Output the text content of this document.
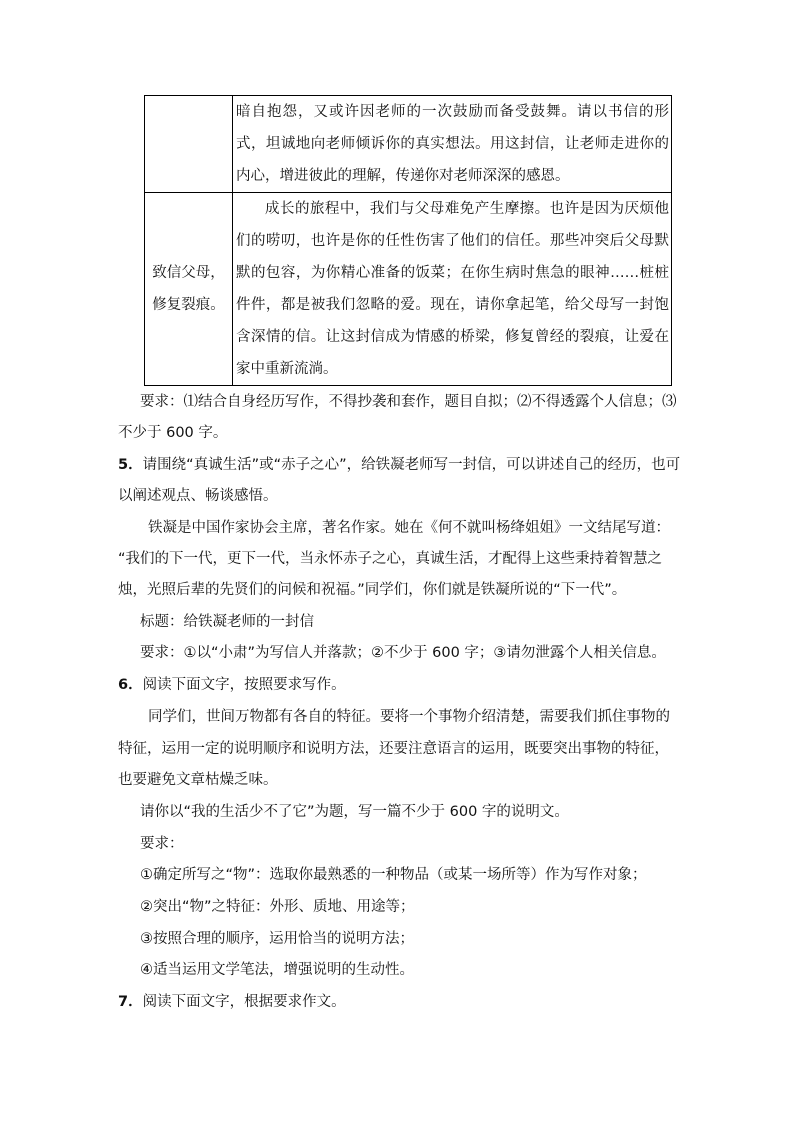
	暗自抱怨，又或许因老师的一次鼓励而备受鼓舞。请以书信的形式，坦诚地向老师倾诉你的真实想法。用这封信，让老师走进你的内心，增进彼此的理解，传递你对老师深深的感恩。

致信父母，
修复裂痕。	成长的旅程中，我们与父母难免产生摩擦。也许是因为厌烦他们的唠叨，也许是你的任性伤害了他们的信任。那些冲突后父母默默的包容，为你精心准备的饭菜；在你生病时焦急的眼神……桩桩件件，都是被我们忽略的爱。现在，请你拿起笔，给父母写一封饱含深情的信。让这封信成为情感的桥梁，修复曾经的裂痕，让爱在家中重新流淌。
要求：⑴结合自身经历写作，不得抄袭和套作，题目自拟；⑵不得透露个人信息；⑶
不少于 600 字。
5．请围绕“真诚生活”或“赤子之心”，给铁凝老师写一封信，可以讲述自己的经历，也可
以阐述观点、畅谈感悟。
铁凝是中国作家协会主席，著名作家。她在《何不就叫杨绛姐姐》一文结尾写道：
“我们的下一代，更下一代，当永怀赤子之心，真诚生活，才配得上这些秉持着智慧之
烛，光照后辈的先贤们的问候和祝福。”同学们，你们就是铁凝所说的“下一代”。
标题：给铁凝老师的一封信
要求：①以“小肃”为写信人并落款；②不少于 600 字；③请勿泄露个人相关信息。
6．阅读下面文字，按照要求写作。
同学们，世间万物都有各自的特征。要将一个事物介绍清楚，需要我们抓住事物的
特征，运用一定的说明顺序和说明方法，还要注意语言的运用，既要突出事物的特征，
也要避免文章枯燥乏味。
请你以“我的生活少不了它”为题，写一篇不少于 600 字的说明文。
要求：
①确定所写之“物”：选取你最熟悉的一种物品（或某一场所等）作为写作对象；
②突出“物”之特征：外形、质地、用途等；
③按照合理的顺序，运用恰当的说明方法；
④适当运用文学笔法，增强说明的生动性。
7．阅读下面文字，根据要求作文。
